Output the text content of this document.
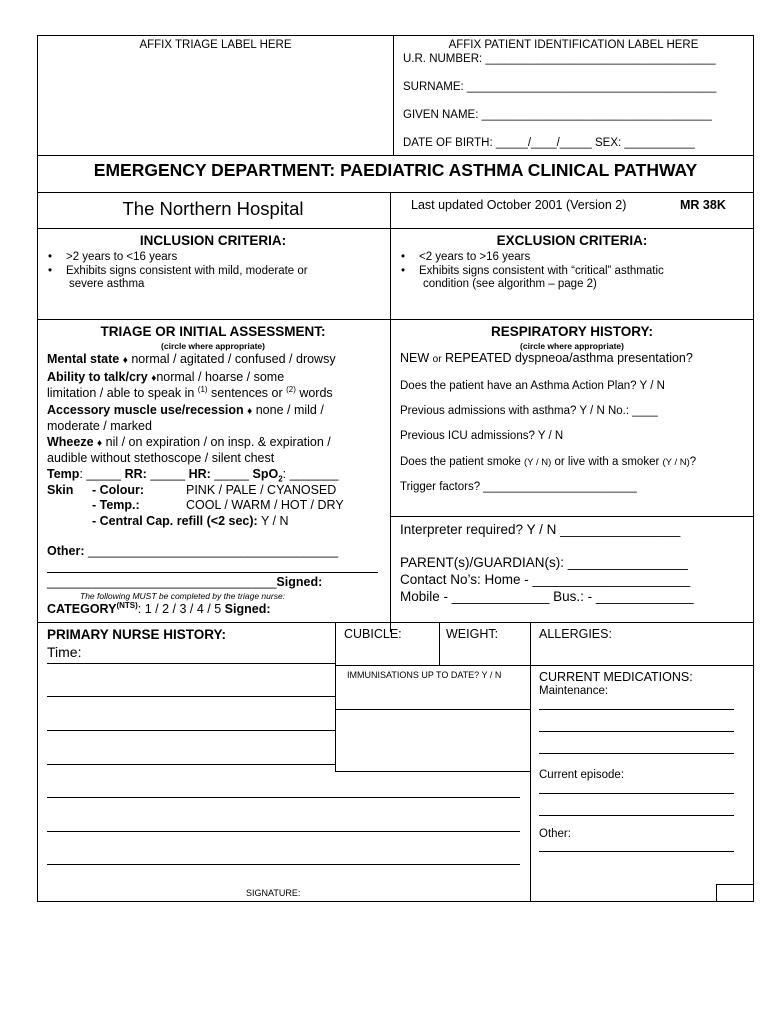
AFFIX TRIAGE LABEL HERE	AFFIX PATIENT IDENTIFICATION LABEL HERE
U.R. NUMBER: ____________________________________
SURNAME: _______________________________________
GIVEN NAME: ____________________________________
DATE OF BIRTH: _____/____/_____ SEX: ___________
EMERGENCY DEPARTMENT: PAEDIATRIC ASTHMA CLINICAL PATHWAY
The Northern Hospital	Last updated October 2001 (Version 2)	MR 38K
INCLUSION CRITERIA:
• >2 years to <16 years
• Exhibits signs consistent with mild, moderate or
severe asthma
EXCLUSION CRITERIA:
• <2 years to >16 years
• Exhibits signs consistent with “critical” asthmatic
condition (see algorithm – page 2)
TRIAGE OR INITIAL ASSESSMENT:
(circle where appropriate)
Mental state ♦ normal / agitated / confused / drowsy
Ability to talk/cry ♦normal / hoarse / some
limitation / able to speak in $^{(1)}$ sentences or $^{(2)}$ words
Accessory muscle use/recession ♦ none / mild /
moderate / marked
Wheeze ♦ nil / on expiration / on insp. & expiration /
audible without stethoscope / silent chest
Temp: _____ RR: _____ HR: _____ SpO$_2$: _______
Skin - Colour:	PINK / PALE / CYANOSED
- Temp.:	COOL / WARM / HOT / DRY
- Central Cap. refill (<2 sec): Y / N
Other: ____________________________________
_________________________________Signed:
The following MUST be completed by the triage nurse:
$CATEGORY^{(NTS)}$: 1 / 2 / 3 / 4 / 5 Signed:
RESPIRATORY HISTORY:
(circle where appropriate)
NEW or REPEATED dyspneoa/asthma presentation?
Does the patient have an Asthma Action Plan? Y / N
Previous admissions with asthma? Y / N No.: ____
Previous ICU admissions? Y / N
Does the patient smoke (Y / N) or live with a smoker (Y / N)?
Trigger factors? ________________________
Interpreter required? Y / N ________________
PARENT(s)/GUARDIAN(s): ________________
Contact No’s: Home - _____________________
Mobile - _____________ Bus.: - _____________
PRIMARY NURSE HISTORY:
Time:
CUBICLE:	WEIGHT:	ALLERGIES:
IMMUNISATIONS UP TO DATE? Y / N	CURRENT MEDICATIONS:
Maintenance:
Current episode:
Other:
SIGNATURE:
